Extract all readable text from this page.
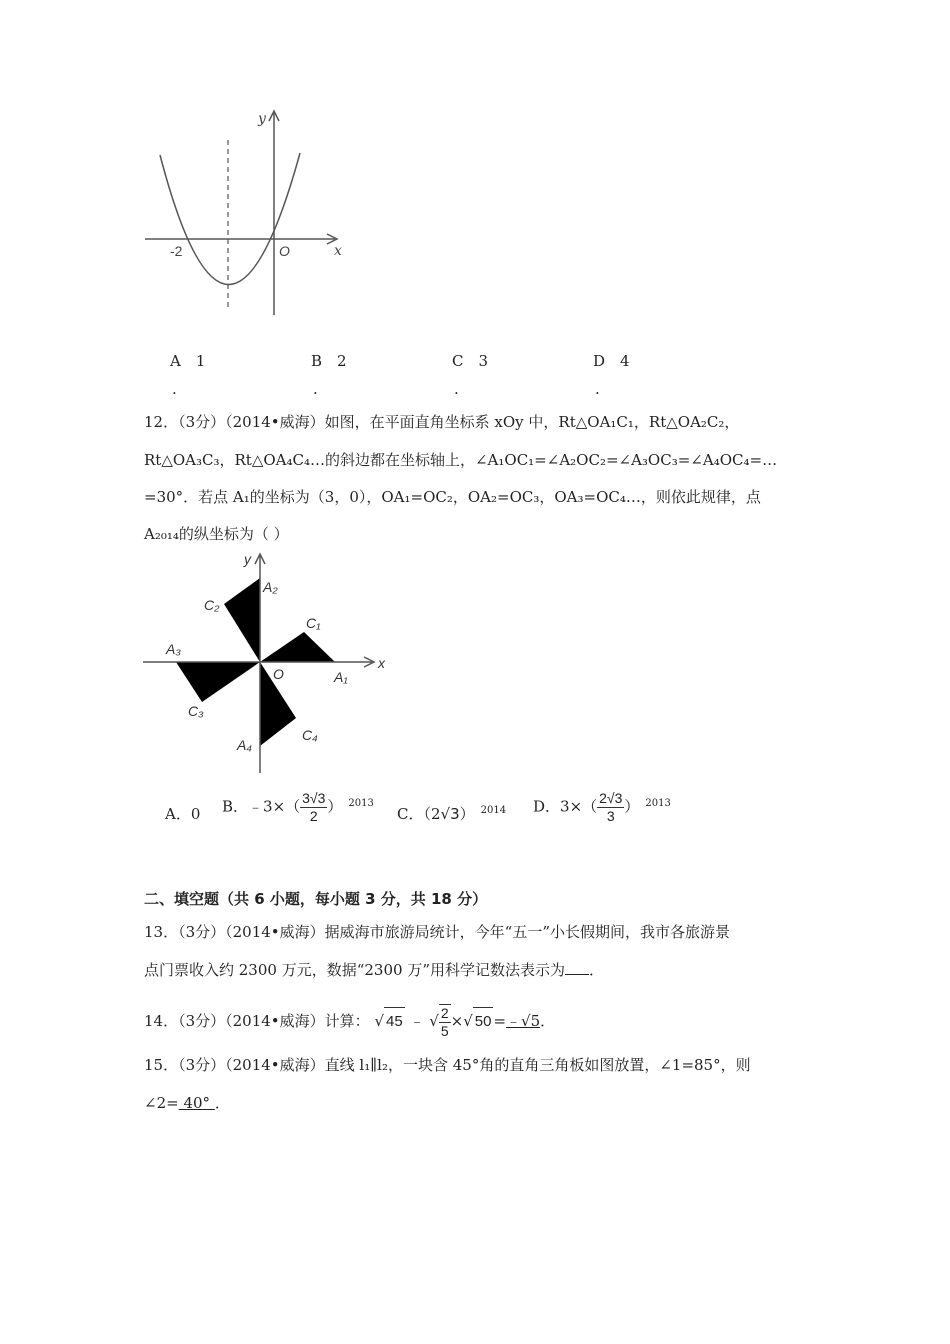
y
x
O
-2
A　1	B　2	C　3	D　4
.	.	.	.
12．（3分）（2014•威海）如图，在平面直角坐标系 xOy 中，Rt△OA₁C₁，Rt△OA₂C₂，
Rt△OA₃C₃，Rt△OA₄C₄…的斜边都在坐标轴上，∠A₁OC₁=∠A₂OC₂=∠A₃OC₃=∠A₄OC₄=…
=30°．若点 A₁的坐标为（3，0），OA₁=OC₂，OA₂=OC₃，OA₃=OC₄…，则依此规律，点
A₂₀₁₄的纵坐标为（ ）
y
x
O	A₁
C₁
A₂
C₂
A₃
C₃
A₄
C₄
A．0 B．﹣3×（ $\frac{3√3}{2}$ ） $^{2013}$
C．（2√3） $^{2014}$ D．$3\times( \frac{2√3}{3}$ ） $^{2013}$
二、填空题（共 6 小题，每小题 3 分，共 18 分）
13．（3分）（2014•威海）据威海市旅游局统计，今年“五一”小长假期间，我市各旅游景
点门票收入约 2300 万元，数据“2300 万”用科学记数法表示为 ．
14．（3分）（2014•威海）计算： √ 45 ﹣ √ $\frac{2}{5}$ ×√ 50 =﹣√5．
15．（3分）（2014•威海）直线 l₁∥l₂，一块含 45°角的直角三角板如图放置，∠1=85°，则
∠2= 40° ．
